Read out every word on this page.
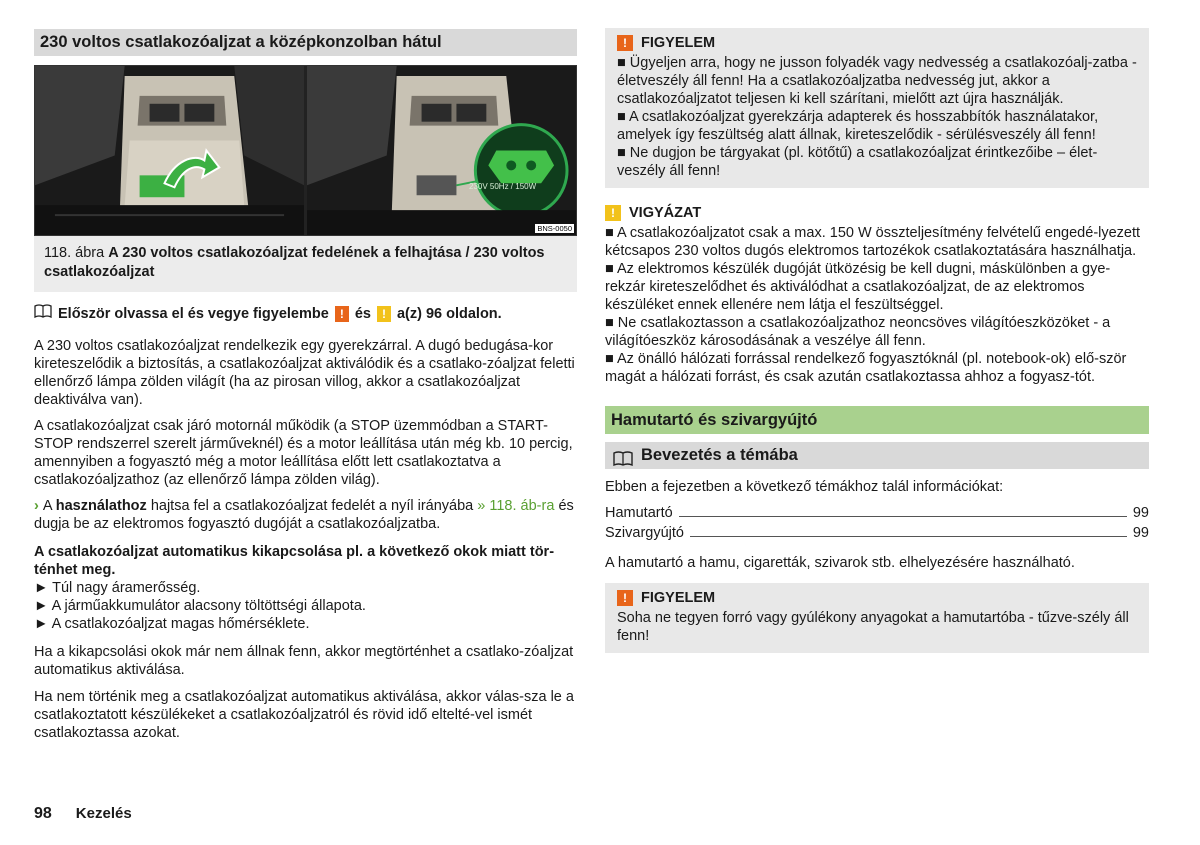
230 voltos csatlakozóaljzat a középkonzolban hátul
230V 50Hz / 150W
BNS-0050
118. ábra A 230 voltos csatlakozóaljzat fedelének a felhajtása / 230 voltos csatlakozóaljzat
Először olvassa el és vegye figyelembe ! és ! a(z) 96 oldalon.

A 230 voltos csatlakozóaljzat rendelkezik egy gyerekzárral. A dugó bedugása-kor kireteszelődik a biztosítás, a csatlakozóaljzat aktiválódik és a csatlako-zóaljzat feletti ellenőrző lámpa zölden világít (ha az pirosan villog, akkor a csatlakozóaljzat deaktiválva van).

A csatlakozóaljzat csak járó motornál működik (a STOP üzemmódban a START-STOP rendszerrel szerelt járműveknél) és a motor leállítása után még kb. 10 percig, amennyiben a fogyasztó még a motor leállítása előtt lett csatlakoztatva a csatlakozóaljzathoz (az ellenőrző lámpa zölden világ).

› A használathoz hajtsa fel a csatlakozóaljzat fedelét a nyíl irányába » 118. áb-ra és dugja be az elektromos fogyasztó dugóját a csatlakozóaljzatba.

A csatlakozóaljzat automatikus kikapcsolása pl. a következő okok miatt tör-ténhet meg.

► Túl nagy áramerősség.
► A járműakkumulátor alacsony töltöttségi állapota.
► A csatlakozóaljzat magas hőmérséklete.

Ha a kikapcsolási okok már nem állnak fenn, akkor megtörténhet a csatlako-zóaljzat automatikus aktiválása.

Ha nem történik meg a csatlakozóaljzat automatikus aktiválása, akkor válas-sza le a csatlakoztatott készülékeket a csatlakozóaljzatról és rövid idő eltelté-vel ismét csatlakoztassa azokat.

! FIGYELEM
■ Ügyeljen arra, hogy ne jusson folyadék vagy nedvesség a csatlakozóalj-zatba - életveszély áll fenn! Ha a csatlakozóaljzatba nedvesség jut, akkor a csatlakozóaljzatot teljesen ki kell szárítani, mielőtt azt újra használják.
■ A csatlakozóaljzat gyerekzárja adapterek és hosszabbítók használatakor, amelyek így feszültség alatt állnak, kireteszelődik - sérülésveszély áll fenn!
■ Ne dugjon be tárgyakat (pl. kötőtű) a csatlakozóaljzat érintkezőibe – élet-veszély áll fenn!
! VIGYÁZAT
■ A csatlakozóaljzatot csak a max. 150 W összteljesítmény felvételű engedé-lyezett kétcsapos 230 voltos dugós elektromos tartozékok csatlakoztatására használhatja.
■ Az elektromos készülék dugóját ütközésig be kell dugni, máskülönben a gye-rekzár kireteszelődhet és aktiválódhat a csatlakozóaljzat, de az elektromos készüléket ennek ellenére nem látja el feszültséggel.
■ Ne csatlakoztasson a csatlakozóaljzathoz neoncsöves világítóeszközöket - a világítóeszköz károsodásának a veszélye áll fenn.
■ Az önálló hálózati forrással rendelkező fogyasztóknál (pl. notebook-ok) elő-ször magát a hálózati forrást, és csak azután csatlakoztassa ahhoz a fogyasz-tót.
Hamutartó és szivargyújtó
Bevezetés a témába

Ebben a fejezetben a következő témákhoz talál információkat:

Hamutartó	99
Szivargyújtó	99

A hamutartó a hamu, cigaretták, szivarok stb. elhelyezésére használható.

! FIGYELEM
Soha ne tegyen forró vagy gyúlékony anyagokat a hamutartóba - tűzve-szély áll fenn!
98 Kezelés
